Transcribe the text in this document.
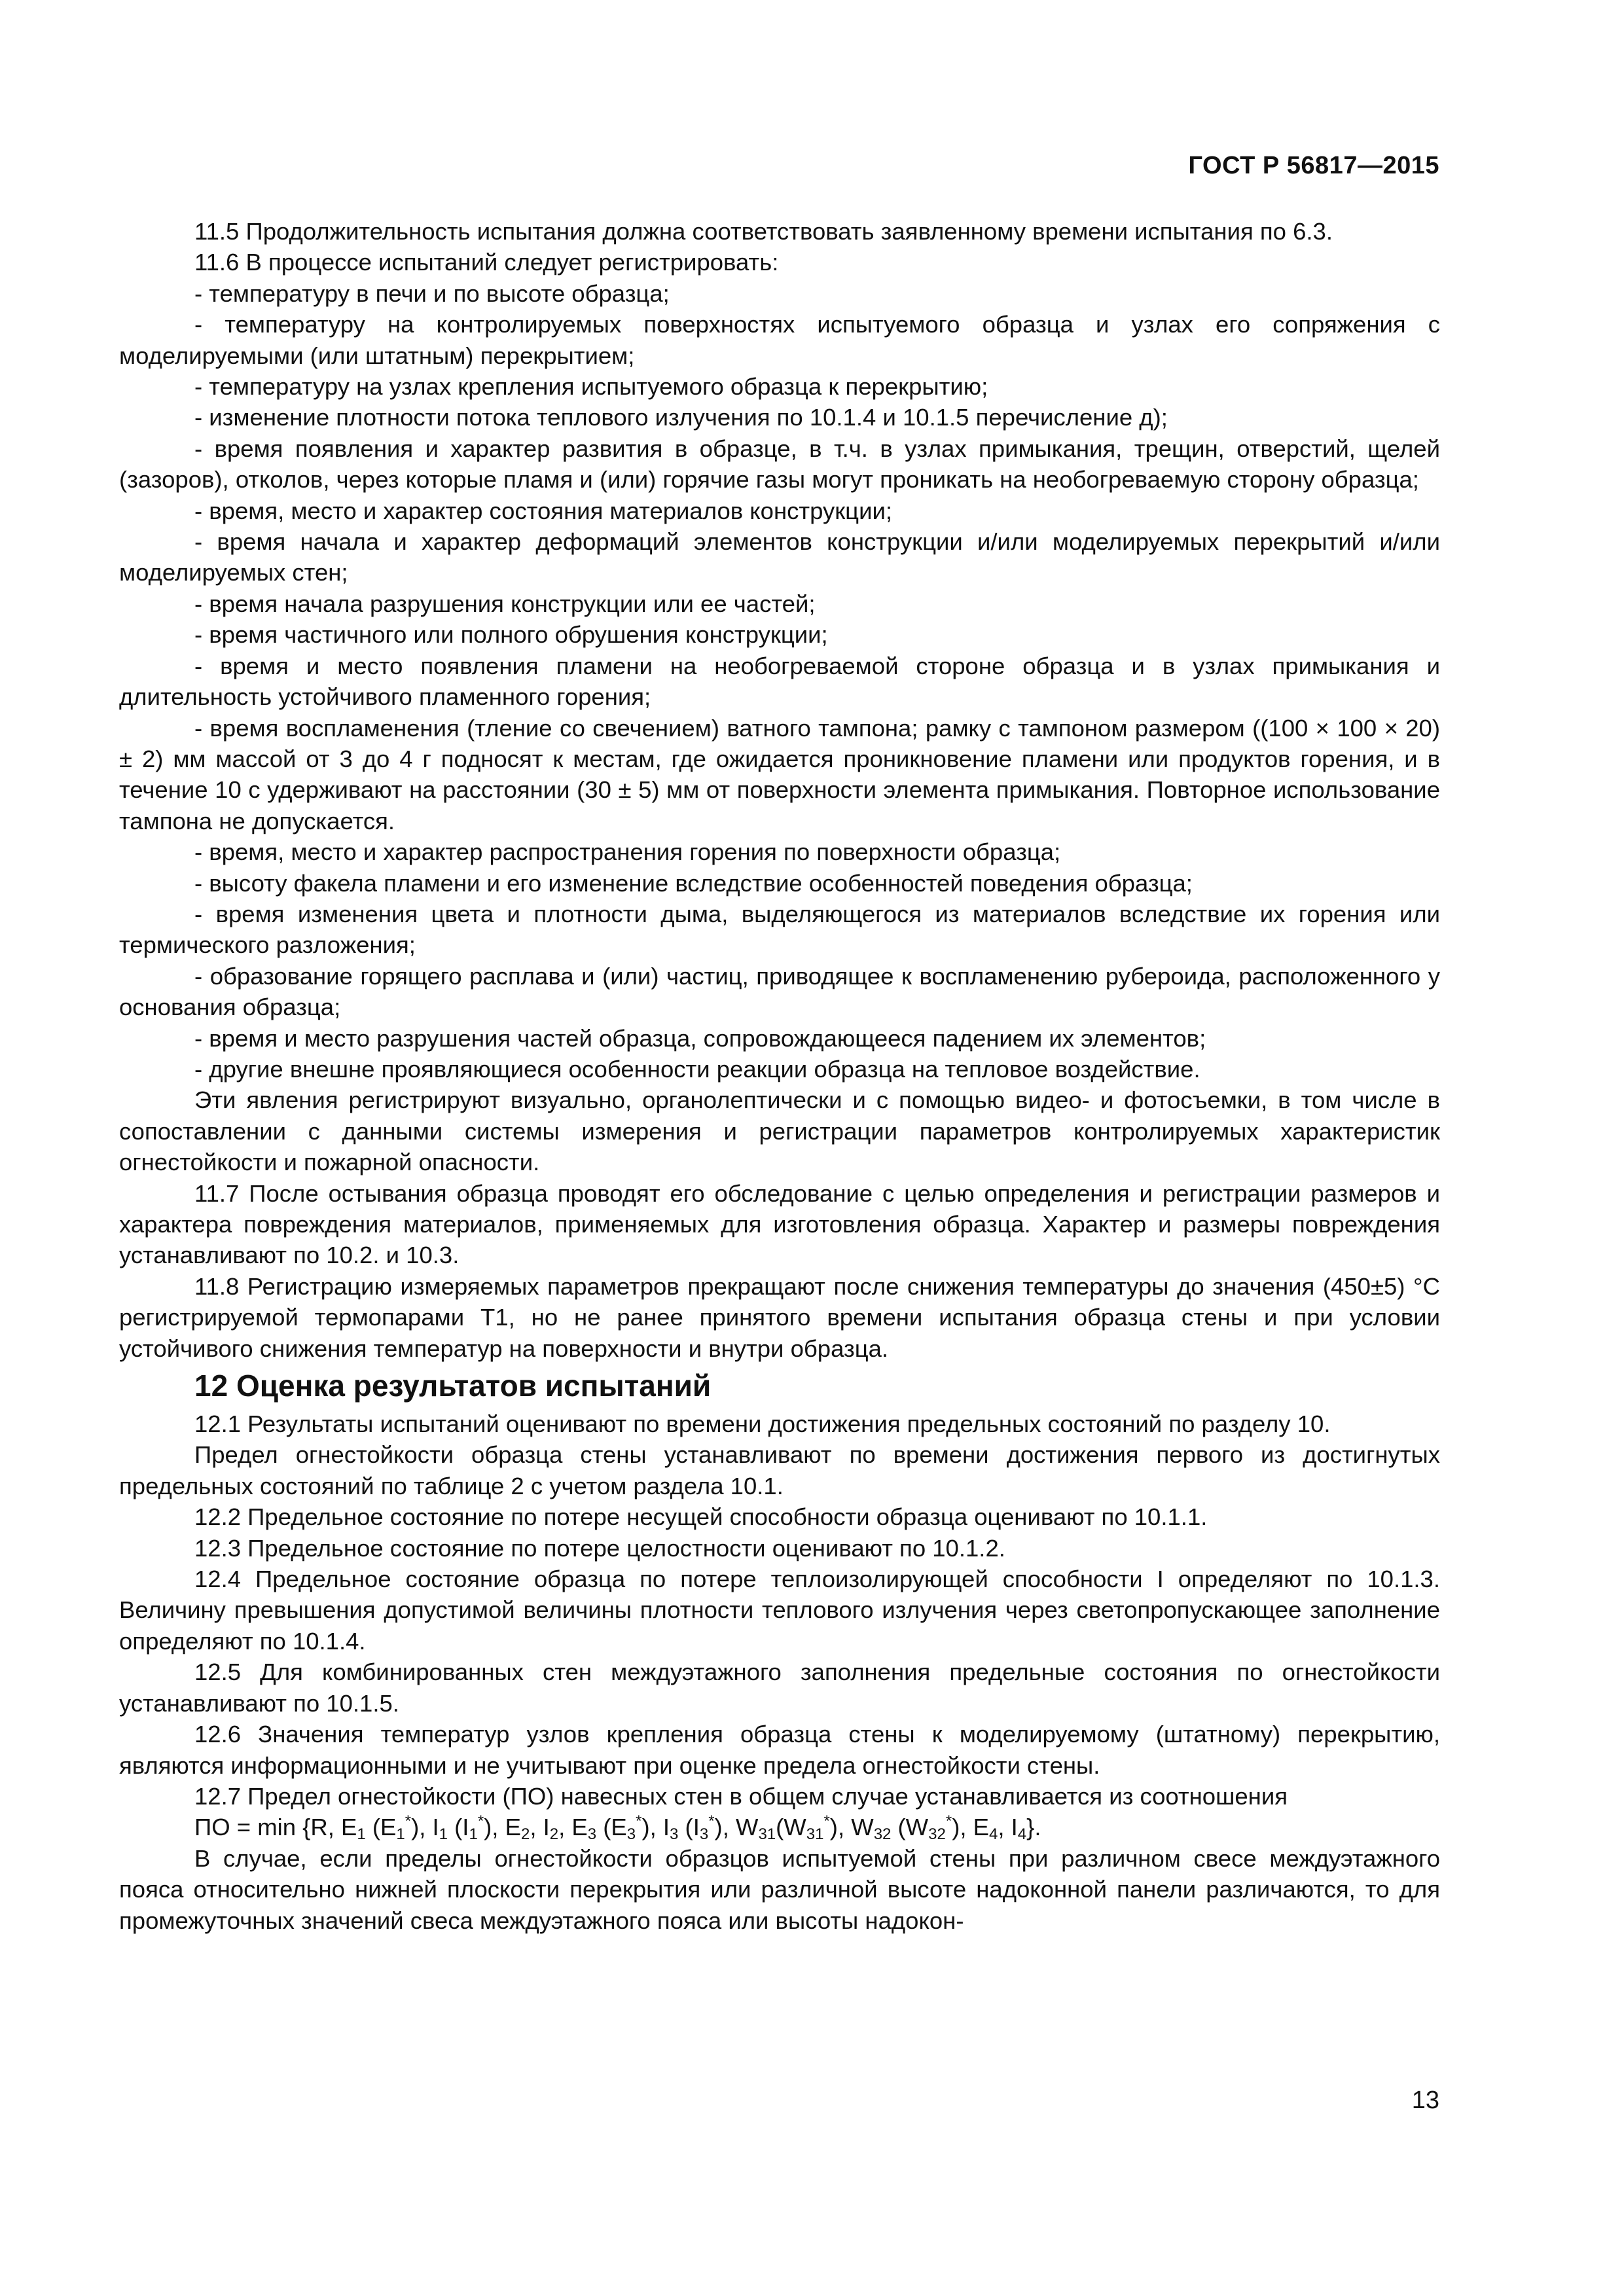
ГОСТ Р 56817—2015

11.5 Продолжительность испытания должна соответствовать заявленному времени испытания по 6.3.

11.6 В процессе испытаний следует регистрировать:

- температуру в печи и по высоте образца;

- температуру на контролируемых поверхностях испытуемого образца и узлах его сопряжения с моделируемыми (или штатным) перекрытием;

- температуру на узлах крепления испытуемого образца к перекрытию;

- изменение плотности потока теплового излучения по 10.1.4 и 10.1.5 перечисление д);

- время появления и характер развития в образце, в т.ч. в узлах примыкания, трещин, отверстий, щелей (зазоров), отколов, через которые пламя и (или) горячие газы могут проникать на необогреваемую сторону образца;

- время, место и характер состояния материалов конструкции;

- время начала и характер деформаций элементов конструкции и/или моделируемых перекрытий и/или моделируемых стен;

- время начала разрушения конструкции или ее частей;

- время частичного или полного обрушения конструкции;

- время и место появления пламени на необогреваемой стороне образца и в узлах примыкания и длительность устойчивого пламенного горения;

- время воспламенения (тление со свечением) ватного тампона; рамку с тампоном размером ((100 × 100 × 20) ± 2) мм массой от 3 до 4 г подносят к местам, где ожидается проникновение пламени или продуктов горения, и в течение 10 с удерживают на расстоянии (30 ± 5) мм от поверхности элемента примыкания. Повторное использование тампона не допускается.

- время, место и характер распространения горения по поверхности образца;

- высоту факела пламени и его изменение вследствие особенностей поведения образца;

- время изменения цвета и плотности дыма, выделяющегося из материалов вследствие их горения или термического разложения;

- образование горящего расплава и (или) частиц, приводящее к воспламенению рубероида, расположенного у основания образца;

- время и место разрушения частей образца, сопровождающееся падением их элементов;

- другие внешне проявляющиеся особенности реакции образца на тепловое воздействие.

Эти явления регистрируют визуально, органолептически и с помощью видео- и фотосъемки, в том числе в сопоставлении с данными системы измерения и регистрации параметров контролируемых характеристик огнестойкости и пожарной опасности.

11.7 После остывания образца проводят его обследование с целью определения и регистрации размеров и характера повреждения материалов, применяемых для изготовления образца. Характер и размеры повреждения устанавливают по 10.2. и 10.3.

11.8 Регистрацию измеряемых параметров прекращают после снижения температуры до значения (450±5) °С регистрируемой термопарами Т1, но не ранее принятого времени испытания образца стены и при условии устойчивого снижения температур на поверхности и внутри образца.

12 Оценка результатов испытаний

12.1 Результаты испытаний оценивают по времени достижения предельных состояний по разделу 10.

Предел огнестойкости образца стены устанавливают по времени достижения первого из достигнутых предельных состояний по таблице 2 с учетом раздела 10.1.

12.2 Предельное состояние по потере несущей способности образца оценивают по 10.1.1.

12.3 Предельное состояние по потере целостности оценивают по 10.1.2.

12.4 Предельное состояние образца по потере теплоизолирующей способности I определяют по 10.1.3. Величину превышения допустимой величины плотности теплового излучения через светопропускающее заполнение определяют по 10.1.4.

12.5 Для комбинированных стен междуэтажного заполнения предельные состояния по огнестойкости устанавливают по 10.1.5.

12.6 Значения температур узлов крепления образца стены к моделируемому (штатному) перекрытию, являются информационными и не учитывают при оценке предела огнестойкости стены.

12.7 Предел огнестойкости (ПО) навесных стен в общем случае устанавливается из соотношения

ПО = min {R, $E_1$ $(E_1^*)$, $I_1$ $(I_1^*)$, $E_2$, $I_2$, $E_3$ $(E_3^*)$, $I_3$ $(I_3^*)$, $W_{31}(W_{31}^*)$, $W_{32}$ $(W_{32}^*)$, $E_4$, $I_4$}.

В случае, если пределы огнестойкости образцов испытуемой стены при различном свесе междуэтажного пояса относительно нижней плоскости перекрытия или различной высоте надоконной панели различаются, то для промежуточных значений свеса междуэтажного пояса или высоты надокон-

13
